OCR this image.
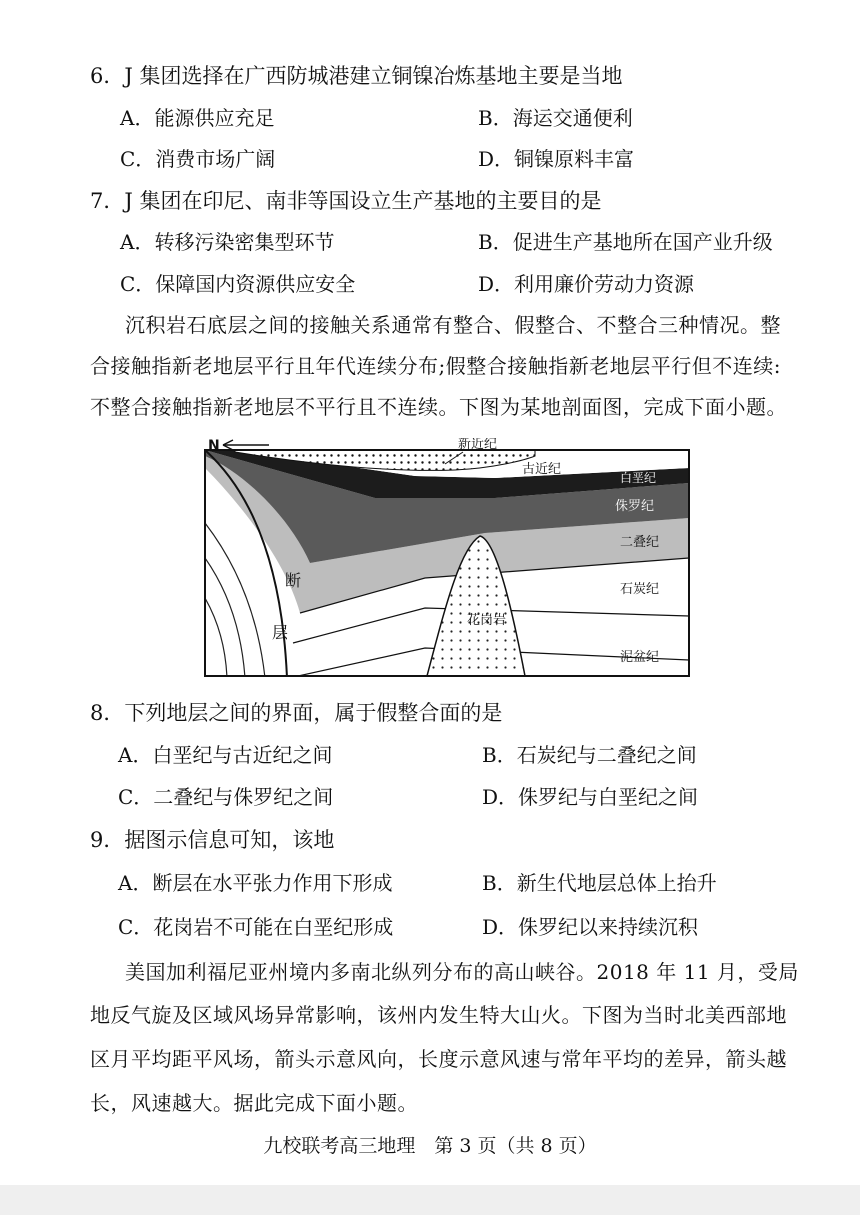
6．J 集团选择在广西防城港建立铜镍冶炼基地主要是当地
A．能源供应充足	B．海运交通便利
C．消费市场广阔	D．铜镍原料丰富
7．J 集团在印尼、南非等国设立生产基地的主要目的是
A．转移污染密集型环节	B．促进生产基地所在国产业升级
C．保障国内资源供应安全	D．利用廉价劳动力资源
沉积岩石底层之间的接触关系通常有整合、假整合、不整合三种情况。整
合接触指新老地层平行且年代连续分布;假整合接触指新老地层平行但不连续:
不整合接触指新老地层不平行且不连续。下图为某地剖面图，完成下面小题。
N	新近纪
古近纪
白垩纪
侏罗纪
二叠纪
石炭纪
泥盆纪
花岗岩
断
层
8．下列地层之间的界面，属于假整合面的是
A．白垩纪与古近纪之间	B．石炭纪与二叠纪之间
C．二叠纪与侏罗纪之间	D．侏罗纪与白垩纪之间
9．据图示信息可知，该地
A．断层在水平张力作用下形成	B．新生代地层总体上抬升
C．花岗岩不可能在白垩纪形成	D．侏罗纪以来持续沉积
美国加利福尼亚州境内多南北纵列分布的高山峡谷。2018 年 11 月，受局
地反气旋及区域风场异常影响，该州内发生特大山火。下图为当时北美西部地
区月平均距平风场，箭头示意风向，长度示意风速与常年平均的差异，箭头越
长，风速越大。据此完成下面小题。
九校联考高三地理　第 3 页（共 8 页）
